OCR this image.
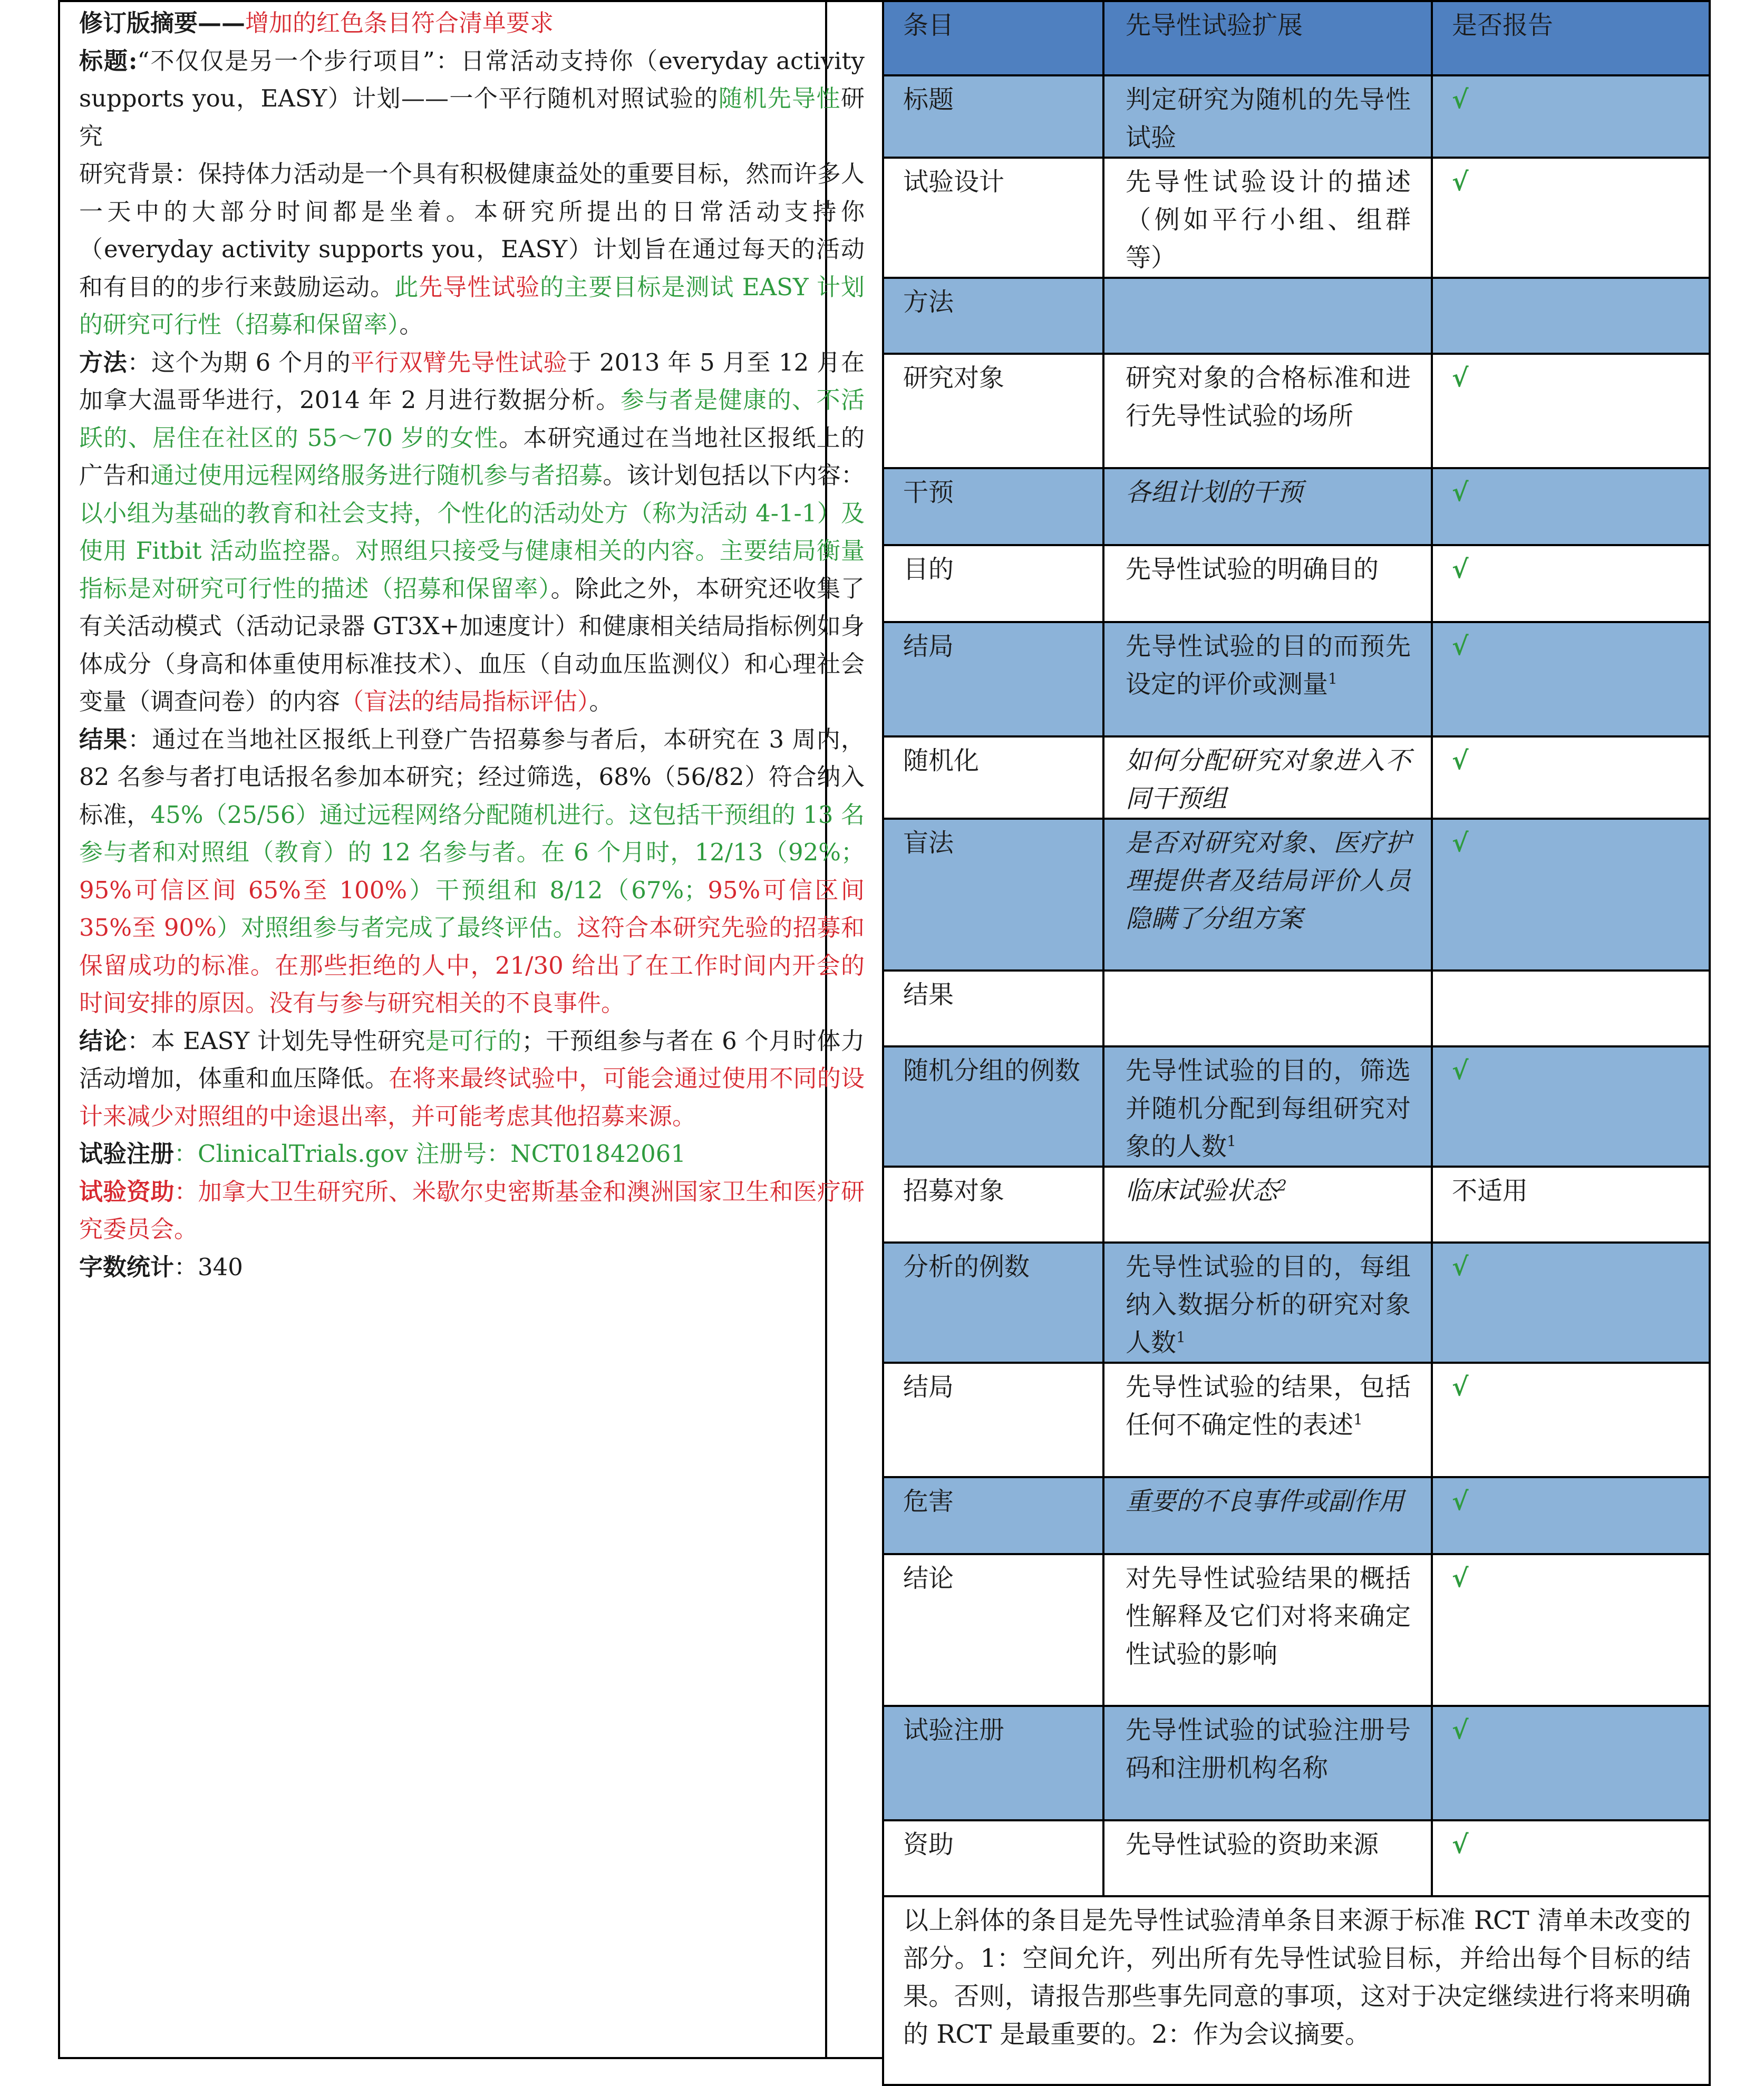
修订版摘要——增加的红色条目符合清单要求

标题:“不仅仅是另一个步行项目”：日常活动支持你（everyday activity supports you，EASY）计划——一个平行随机对照试验的随机先导性研究

研究背景：保持体力活动是一个具有积极健康益处的重要目标，然而许多人一天中的大部分时间都是坐着。本研究所提出的日常活动支持你（everyday activity supports you，EASY）计划旨在通过每天的活动和有目的的步行来鼓励运动。此先导性试验的主要目标是测试 EASY 计划的研究可行性（招募和保留率）。

方法：这个为期 6 个月的平行双臂先导性试验于 2013 年 5 月至 12 月在加拿大温哥华进行，2014 年 2 月进行数据分析。参与者是健康的、不活跃的、居住在社区的 55～70 岁的女性。本研究通过在当地社区报纸上的广告和通过使用远程网络服务进行随机参与者招募。该计划包括以下内容：以小组为基础的教育和社会支持，个性化的活动处方（称为活动 4-1-1）及使用 Fitbit 活动监控器。对照组只接受与健康相关的内容。主要结局衡量指标是对研究可行性的描述（招募和保留率）。除此之外，本研究还收集了有关活动模式（活动记录器 GT3X+加速度计）和健康相关结局指标例如身体成分（身高和体重使用标准技术）、血压（自动血压监测仪）和心理社会变量（调查问卷）的内容（盲法的结局指标评估）。

结果：通过在当地社区报纸上刊登广告招募参与者后，本研究在 3 周内，82 名参与者打电话报名参加本研究；经过筛选，68%（56/82）符合纳入标准，45%（25/56）通过远程网络分配随机进行。这包括干预组的 13 名参与者和对照组（教育）的 12 名参与者。在 6 个月时，12/13（92%；95%可信区间 65%至 100%）干预组和 8/12（67%；95%可信区间 35%至 90%）对照组参与者完成了最终评估。这符合本研究先验的招募和保留成功的标准。在那些拒绝的人中，21/30 给出了在工作时间内开会的时间安排的原因。没有与参与研究相关的不良事件。

结论：本 EASY 计划先导性研究是可行的；干预组参与者在 6 个月时体力活动增加，体重和血压降低。在将来最终试验中，可能会通过使用不同的设计来减少对照组的中途退出率，并可能考虑其他招募来源。

试验注册：ClinicalTrials.gov 注册号：NCT01842061

试验资助：加拿大卫生研究所、米歇尔史密斯基金和澳洲国家卫生和医疗研究委员会。

字数统计：340

条目	先导性试验扩展	是否报告
标题	判定研究为随机的先导性试验	√
试验设计	先导性试验设计的描述（例如平行小组、组群等）	√
方法		
研究对象	研究对象的合格标准和进行先导性试验的场所	√
干预	各组计划的干预	√
目的	先导性试验的明确目的	√
结局	先导性试验的目的而预先设定的评价或测量$^1$	√
随机化	如何分配研究对象进入不同干预组	√
盲法	是否对研究对象、医疗护理提供者及结局评价人员隐瞒了分组方案	√
结果		
随机分组的例数	先导性试验的目的，筛选并随机分配到每组研究对象的人数$^1$	√
招募对象	临床试验状态$^2$	不适用
分析的例数	先导性试验的目的，每组纳入数据分析的研究对象人数$^1$	√
结局	先导性试验的结果，包括任何不确定性的表述$^1$	√
危害	重要的不良事件或副作用	√
结论	对先导性试验结果的概括性解释及它们对将来确定性试验的影响	√
试验注册	先导性试验的试验注册号码和注册机构名称	√
资助	先导性试验的资助来源	√
以上斜体的条目是先导性试验清单条目来源于标准 RCT 清单未改变的部分。1：空间允许，列出所有先导性试验目标，并给出每个目标的结果。否则，请报告那些事先同意的事项，这对于决定继续进行将来明确的 RCT 是最重要的。2：作为会议摘要。		
